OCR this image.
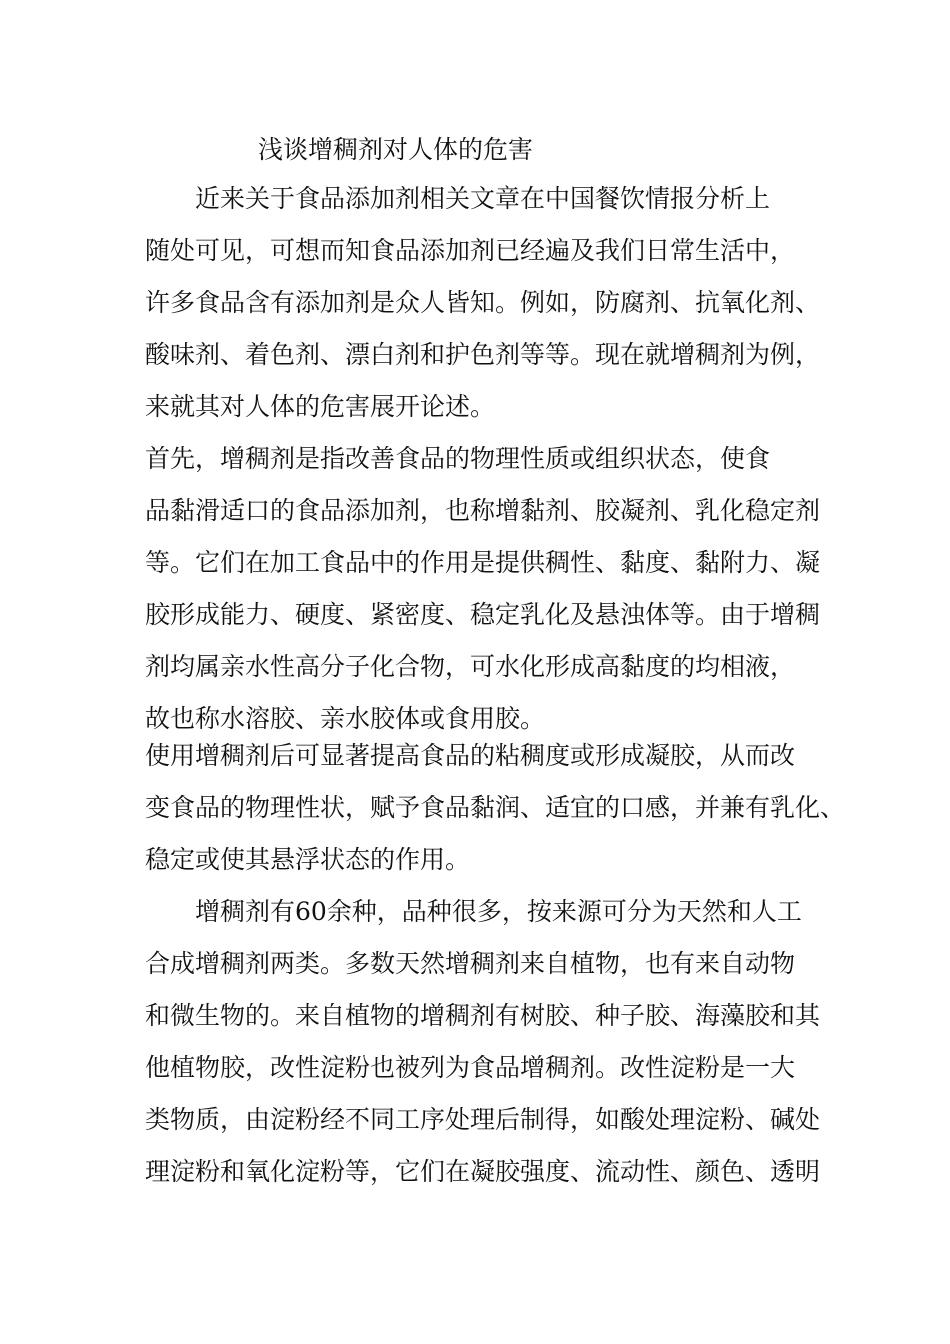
浅谈增稠剂对人体的危害
　　近来关于食品添加剂相关文章在中国餐饮情报分析上
随处可见，可想而知食品添加剂已经遍及我们日常生活中，
许多食品含有添加剂是众人皆知。例如，防腐剂、抗氧化剂、
酸味剂、着色剂、漂白剂和护色剂等等。现在就增稠剂为例，
来就其对人体的危害展开论述。
首先，增稠剂是指改善食品的物理性质或组织状态，使食
品黏滑适口的食品添加剂，也称增黏剂、胶凝剂、乳化稳定剂
等。它们在加工食品中的作用是提供稠性、黏度、黏附力、凝
胶形成能力、硬度、紧密度、稳定乳化及悬浊体等。由于增稠
剂均属亲水性高分子化合物，可水化形成高黏度的均相液，
故也称水溶胶、亲水胶体或食用胶。
使用增稠剂后可显著提高食品的粘稠度或形成凝胶，从而改
变食品的物理性状，赋予食品黏润、适宜的口感，并兼有乳化、
稳定或使其悬浮状态的作用。
　　增稠剂有60余种，品种很多，按来源可分为天然和人工
合成增稠剂两类。多数天然增稠剂来自植物，也有来自动物
和微生物的。来自植物的增稠剂有树胶、种子胶、海藻胶和其
他植物胶，改性淀粉也被列为食品增稠剂。改性淀粉是一大
类物质，由淀粉经不同工序处理后制得，如酸处理淀粉、碱处
理淀粉和氧化淀粉等，它们在凝胶强度、流动性、颜色、透明
